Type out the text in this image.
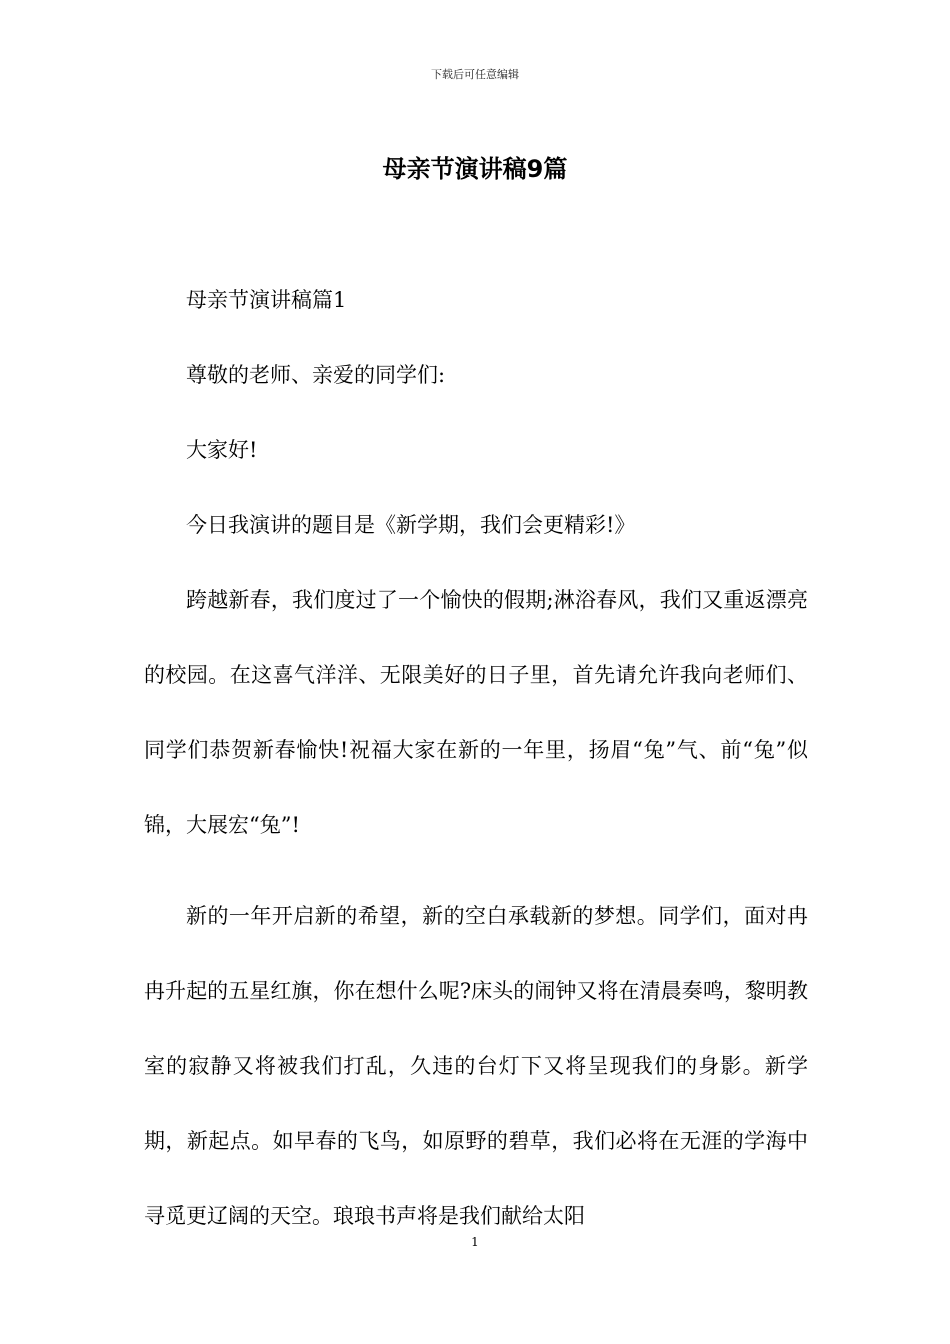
下载后可任意编辑
母亲节演讲稿9篇

母亲节演讲稿篇1

尊敬的老师、亲爱的同学们:

大家好!

今日我演讲的题目是《新学期，我们会更精彩!》

跨越新春，我们度过了一个愉快的假期;淋浴春风，我们又重返漂亮的校园。在这喜气洋洋、无限美好的日子里，首先请允许我向老师们、同学们恭贺新春愉快!祝福大家在新的一年里，扬眉“兔”气、前“兔”似锦，大展宏“兔”!

新的一年开启新的希望，新的空白承载新的梦想。同学们，面对冉冉升起的五星红旗，你在想什么呢?床头的闹钟又将在清晨奏鸣，黎明教室的寂静又将被我们打乱，久违的台灯下又将呈现我们的身影。新学期，新起点。如早春的飞鸟，如原野的碧草，我们必将在无涯的学海中寻觅更辽阔的天空。琅琅书声将是我们献给太阳

1
